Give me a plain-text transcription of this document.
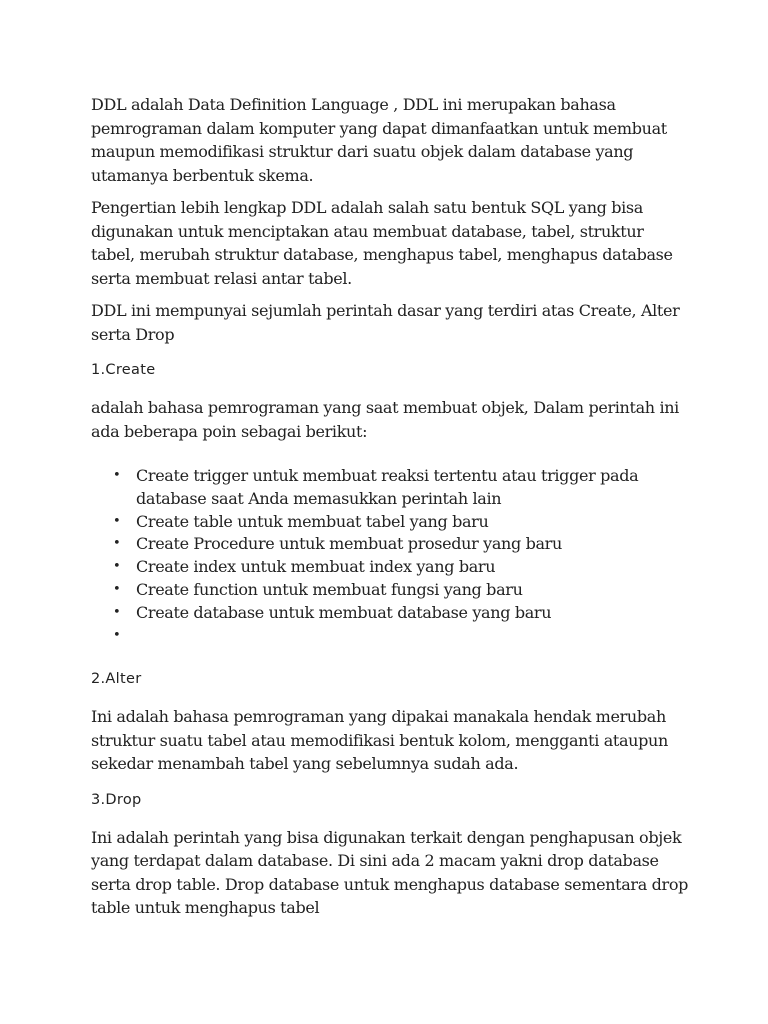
DDL adalah Data Definition Language , DDL ini merupakan bahasa pemrograman dalam komputer yang dapat dimanfaatkan untuk membuat maupun memodifikasi struktur dari suatu objek dalam database yang utamanya berbentuk skema.

Pengertian lebih lengkap DDL adalah salah satu bentuk SQL yang bisa digunakan untuk menciptakan atau membuat database, tabel, struktur tabel, merubah struktur database, menghapus tabel, menghapus database serta membuat relasi antar tabel.

DDL ini mempunyai sejumlah perintah dasar yang terdiri atas Create, Alter serta Drop

1.Create

adalah bahasa pemrograman yang saat membuat objek, Dalam perintah ini ada beberapa poin sebagai berikut:

• Create trigger untuk membuat reaksi tertentu atau trigger pada database saat Anda memasukkan perintah lain
• Create table untuk membuat tabel yang baru
• Create Procedure untuk membuat prosedur yang baru
• Create index untuk membuat index yang baru
• Create function untuk membuat fungsi yang baru
• Create database untuk membuat database yang baru
•
2.Alter

Ini adalah bahasa pemrograman yang dipakai manakala hendak merubah struktur suatu tabel atau memodifikasi bentuk kolom, mengganti ataupun sekedar menambah tabel yang sebelumnya sudah ada.

3.Drop

Ini adalah perintah yang bisa digunakan terkait dengan penghapusan objek yang terdapat dalam database. Di sini ada 2 macam yakni drop database serta drop table. Drop database untuk menghapus database sementara drop table untuk menghapus tabel
